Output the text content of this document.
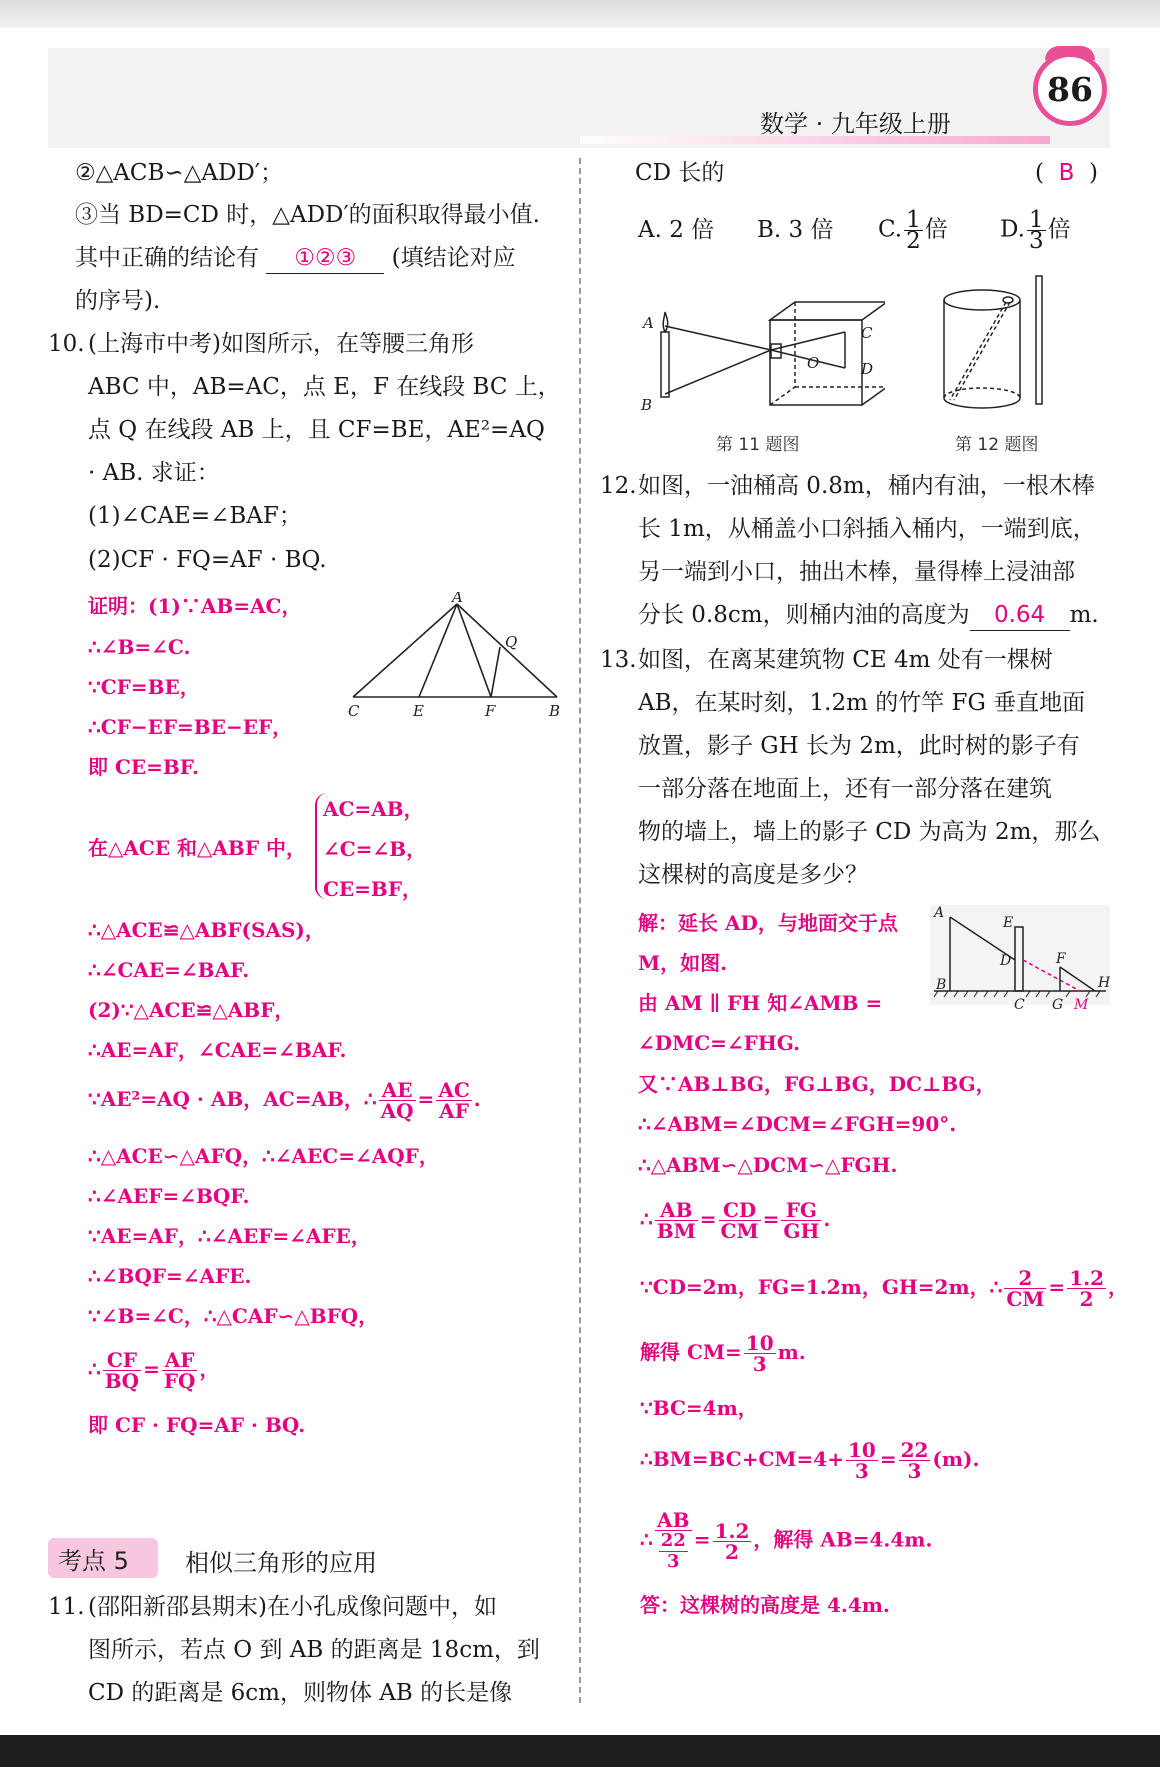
数学 · 九年级上册
86
②△ACB∽△ADD′；
③当 BD=CD 时，△ADD′的面积取得最小值.
其中正确的结论有 ①②③ (填结论对应
的序号).
10. (上海市中考)如图所示，在等腰三角形
ABC 中，AB=AC，点 E，F 在线段 BC 上，
点 Q 在线段 AB 上，且 CF=BE，AE²=AQ
· AB. 求证：
(1)∠CAE=∠BAF；
(2)CF · FQ=AF · BQ.
证明：(1)∵AB=AC，
∴∠B=∠C.
∵CF=BE，
∴CF−EF=BE−EF，
即 CE=BF.
A
Q
C	E	F	B
在△ACE 和△ABF 中，
AC=AB，
∠C=∠B，
CE=BF，
∴△ACE≌△ABF(SAS)，
∴∠CAE=∠BAF.
(2)∵△ACE≌△ABF，
∴AE=AF，∠CAE=∠BAF.
∵AE²=AQ · AB，AC=AB，∴ $\frac{AE}{AQ} = \frac{AC}{AF}$ .
∴△ACE∽△AFQ，∴∠AEC=∠AQF，
∴∠AEF=∠BQF.
∵AE=AF，∴∠AEF=∠AFE，
∴∠BQF=∠AFE.
∵∠B=∠C，∴△CAF∽△BFQ，
∴ $\frac{CF}{BQ} = \frac{AF}{FQ}$ ，
即 CF · FQ=AF · BQ.
考点 5 相似三角形的应用
11. (邵阳新邵县期末)在小孔成像问题中，如
图所示，若点 O 到 AB 的距离是 18cm，到
CD 的距离是 6cm，则物体 AB 的长是像
CD 长的	(  B  )
A. 2 倍 B. 3 倍 C. $\frac{1}{2}$ 倍 D. $\frac{1}{3}$ 倍
A
B
O
C
D
第 11 题图	第 12 题图
12. 如图，一油桶高 0.8m，桶内有油，一根木棒
长 1m，从桶盖小口斜插入桶内，一端到底，
另一端到小口，抽出木棒，量得棒上浸油部
分长 0.8cm，则桶内油的高度为 0.64 m.
13. 如图，在离某建筑物 CE 4m 处有一棵树
AB，在某时刻，1.2m 的竹竿 FG 垂直地面
放置，影子 GH 长为 2m，此时树的影子有
一部分落在地面上，还有一部分落在建筑
物的墙上，墙上的影子 CD 为高为 2m，那么
这棵树的高度是多少？
解：延长 AD，与地面交于点
M，如图.
由 AM ∥ FH 知∠AMB =
∠DMC=∠FHG.
又∵AB⊥BG，FG⊥BG，DC⊥BG，
∴∠ABM=∠DCM=∠FGH=90°.
∴△ABM∽△DCM∽△FGH.
A
E
D	F
B
C G M
H
∴ $\frac{AB}{BM} = \frac{CD}{CM} = \frac{FG}{GH}$ .
∵CD=2m，FG=1.2m，GH=2m，∴ $\frac{2}{CM} = \frac{1.2}{2}$ ，
解得 $CM= \frac{10}{3} m$.
∵BC=4m，
∴BM=BC+CM=4+ $\frac{10}{3} = \frac{22}{3} (m)$.
∴ $\frac{AB}{\frac{22}{3}} = \frac{1.2}{2}$ ，解得 AB=4.4m.
答：这棵树的高度是 4.4m.
